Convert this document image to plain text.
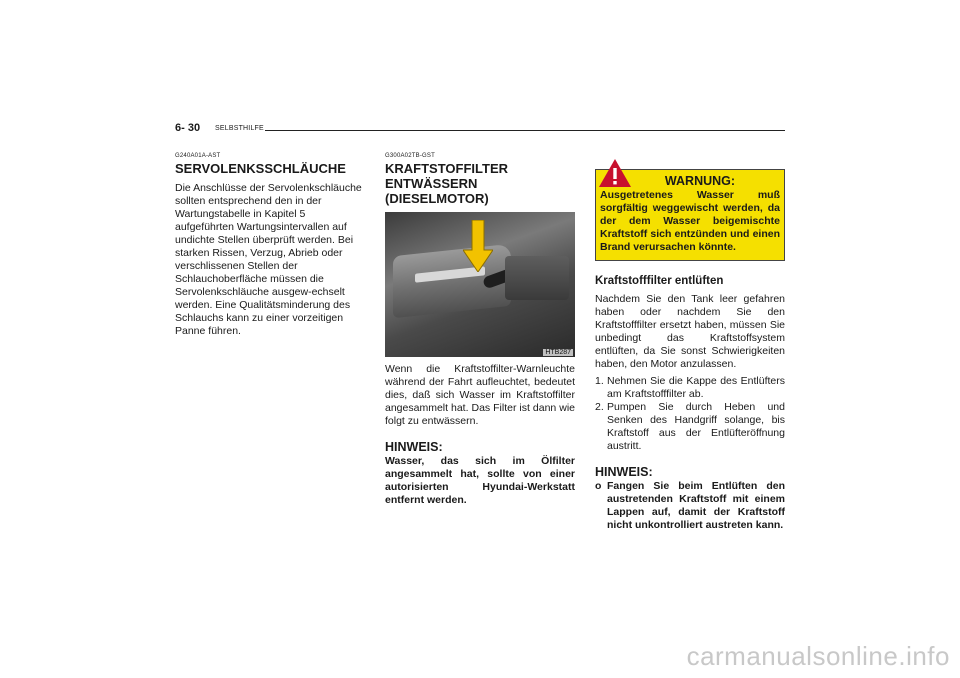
6- 30 SELBSTHILFE
G240A01A-AST
SERVOLENKSSCHLÄUCHE

Die Anschlüsse der Servolenkschläuche sollten entsprechend den in der Wartungstabelle in Kapitel 5 aufgeführten Wartungsintervallen auf undichte Stellen überprüft werden. Bei starken Rissen, Verzug, Abrieb oder verschlissenen Stellen der Schlauchoberfläche müssen die Servolenkschläuche ausgew-echselt werden. Eine Qualitätsminderung des Schlauchs kann zu einer vorzeitigen Panne führen.

G300A02TB-GST
KRAFTSTOFFILTER
ENTWÄSSERN
(DIESELMOTOR)
HTB287

Wenn die Kraftstoffilter-Warnleuchte während der Fahrt aufleuchtet, bedeutet dies, daß sich Wasser im Kraftstoffilter angesammelt hat. Das Filter ist dann wie folgt zu entwässern.

HINWEIS:

Wasser, das sich im Ölfilter angesammelt hat, sollte von einer autorisierten Hyundai-Werkstatt entfernt werden.

WARNUNG:

Ausgetretenes Wasser muß sorgfältig weggewischt werden, da der dem Wasser beigemischte Kraftstoff sich entzünden und einen Brand verursachen könnte.

Kraftstofffilter entlüften

Nachdem Sie den Tank leer gefahren haben oder nachdem Sie den Kraftstofffilter ersetzt haben, müssen Sie unbedingt das Kraftstoffsystem entlüften, da Sie sonst Schwierigkeiten haben, den Motor anzulassen.

1. Nehmen Sie die Kappe des Entlüfters am Kraftstofffilter ab.
2. Pumpen Sie durch Heben und Senken des Handgriff solange, bis Kraftstoff aus der Entlüfteröffnung austritt.
HINWEIS:
o Fangen Sie beim Entlüften den austretenden Kraftstoff mit einem Lappen auf, damit der Kraftstoff nicht unkontrolliert austreten kann.
carmanualsonline.info
